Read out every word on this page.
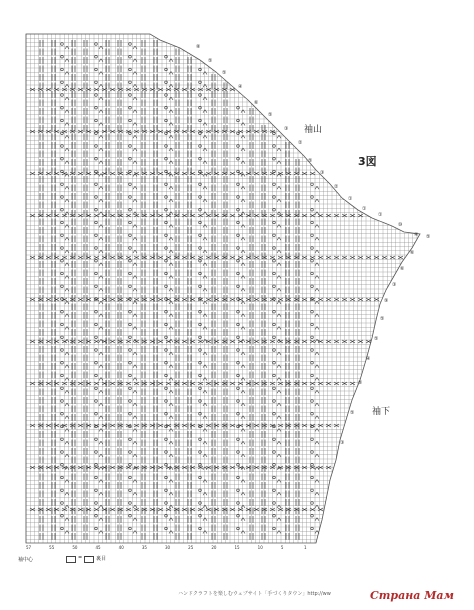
袖山
3図
袖下
袖中心
57	55	50	45	40	35	30	25	20	15	10	5	1
⑧
⑤
⑤
④
⑥
⑤
③
②
⑤
③
②
①
①
①
⑩
④ ⑤
⑥
⑥
③
⑨
⑤
⑤
④
⑤
⑤
③
= — 裏目
ハンドクラフトを楽しむウェブサイト「手づくりタウン」http://ww	Страна Мам
